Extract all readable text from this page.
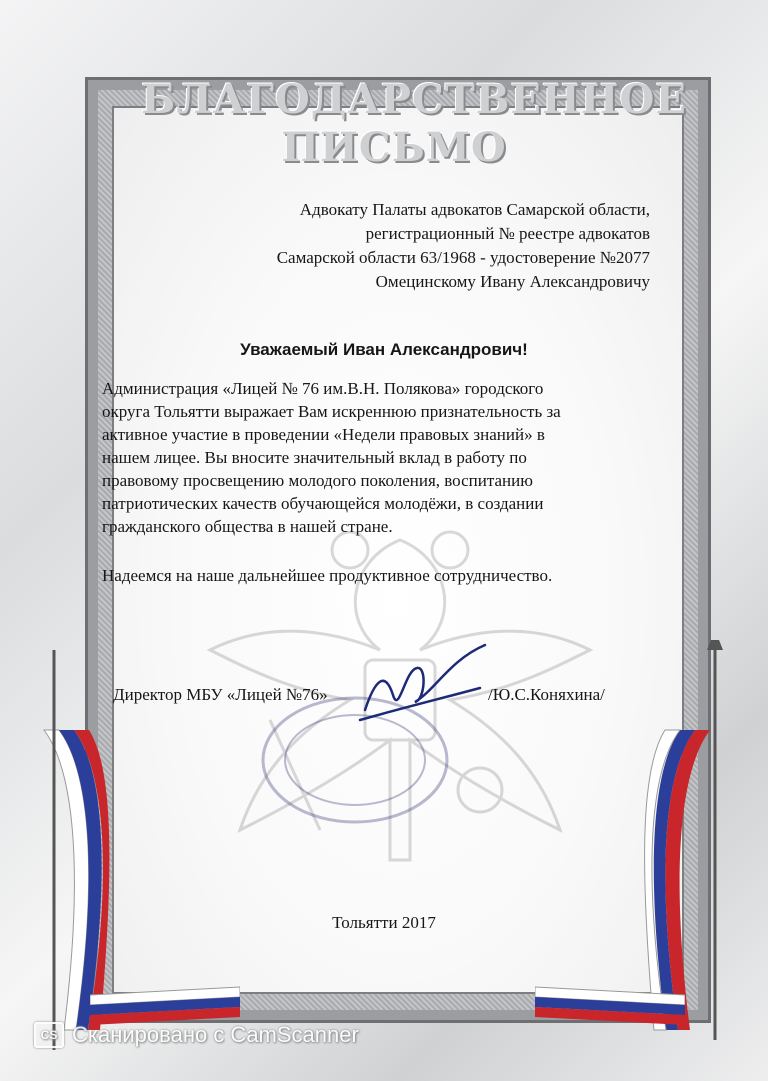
БЛАГОДАРСТВЕННОЕ
ПИСЬМО
Адвокату Палаты адвокатов Самарской области,
регистрационный № реестре адвокатов
Самарской области 63/1968 - удостоверение №2077
Омецинскому Ивану Александровичу
Уважаемый Иван Александрович!
Администрация «Лицей № 76 им.В.Н. Полякова» городского
округа Тольятти выражает Вам искреннюю признательность за
активное участие в проведении «Недели правовых знаний» в
нашем лицее. Вы вносите значительный вклад в работу по
правовому просвещению молодого поколения, воспитанию
патриотических качеств обучающейся молодёжи, в создании
гражданского общества в нашей стране.
Надеемся на наше дальнейшее продуктивное сотрудничество.
Директор МБУ «Лицей №76»	/Ю.С.Коняхина/
Тольятти 2017
CS Сканировано с CamScanner
